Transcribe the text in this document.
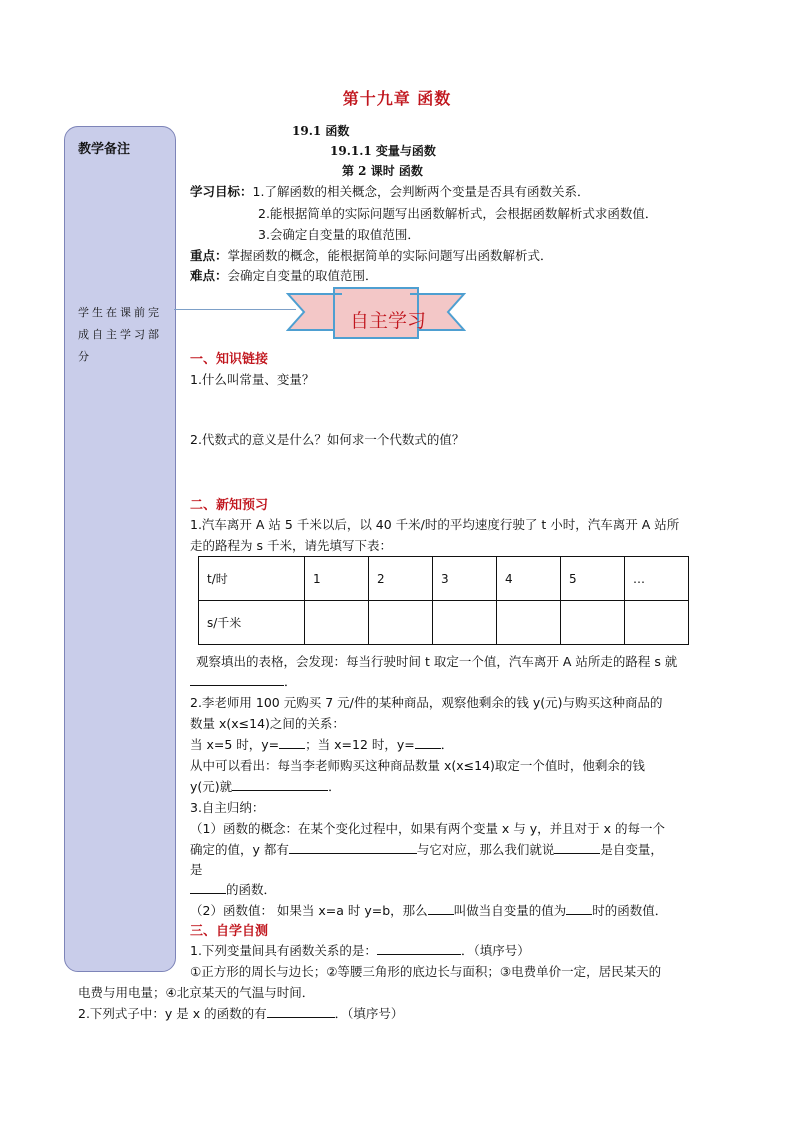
第十九章 函数
教学备注
学生在课前完成自主学习部分
19.1 函数
19.1.1 变量与函数
第 2 课时 函数
学习目标：1.了解函数的相关概念，会判断两个变量是否具有函数关系．
2.能根据简单的实际问题写出函数解析式，会根据函数解析式求函数值．
3.会确定自变量的取值范围．
重点：掌握函数的概念，能根据简单的实际问题写出函数解析式．
难点：会确定自变量的取值范围．
自主学习
一、知识链接
1.什么叫常量、变量？
2.代数式的意义是什么？如何求一个代数式的值？
二、新知预习
1.汽车离开 A 站 5 千米以后，以 40 千米/时的平均速度行驶了 t 小时，汽车离开 A 站所
走的路程为 s 千米，请先填写下表：
t/时	1	2	3	4	5	…
s/千米						
观察填出的表格，会发现：每当行驶时间 t 取定一个值，汽车离开 A 站所走的路程 s 就
．
2.李老师用 100 元购买 7 元/件的某种商品，观察他剩余的钱 y(元)与购买这种商品的
数量 x(x≤14)之间的关系：
当 x=5 时，y= ；当 x=12 时，y= ．
从中可以看出：每当李老师购买这种商品数量 x(x≤14)取定一个值时，他剩余的钱
y(元)就	．
3.自主归纳：
（1）函数的概念：在某个变化过程中，如果有两个变量 x 与 y，并且对于 x 的每一个
确定的值，y 都有	与它对应，那么我们就说	是自变量，
是
的函数．
（2）函数值： 如果当 x=a 时 y=b，那么 叫做当自变量的值为 时的函数值．
三、自学自测
1.下列变量间具有函数关系的是：	．（填序号）
①正方形的周长与边长；②等腰三角形的底边长与面积；③电费单价一定，居民某天的
电费与用电量；④北京某天的气温与时间．
2.下列式子中：y 是 x 的函数的有	．（填序号）
